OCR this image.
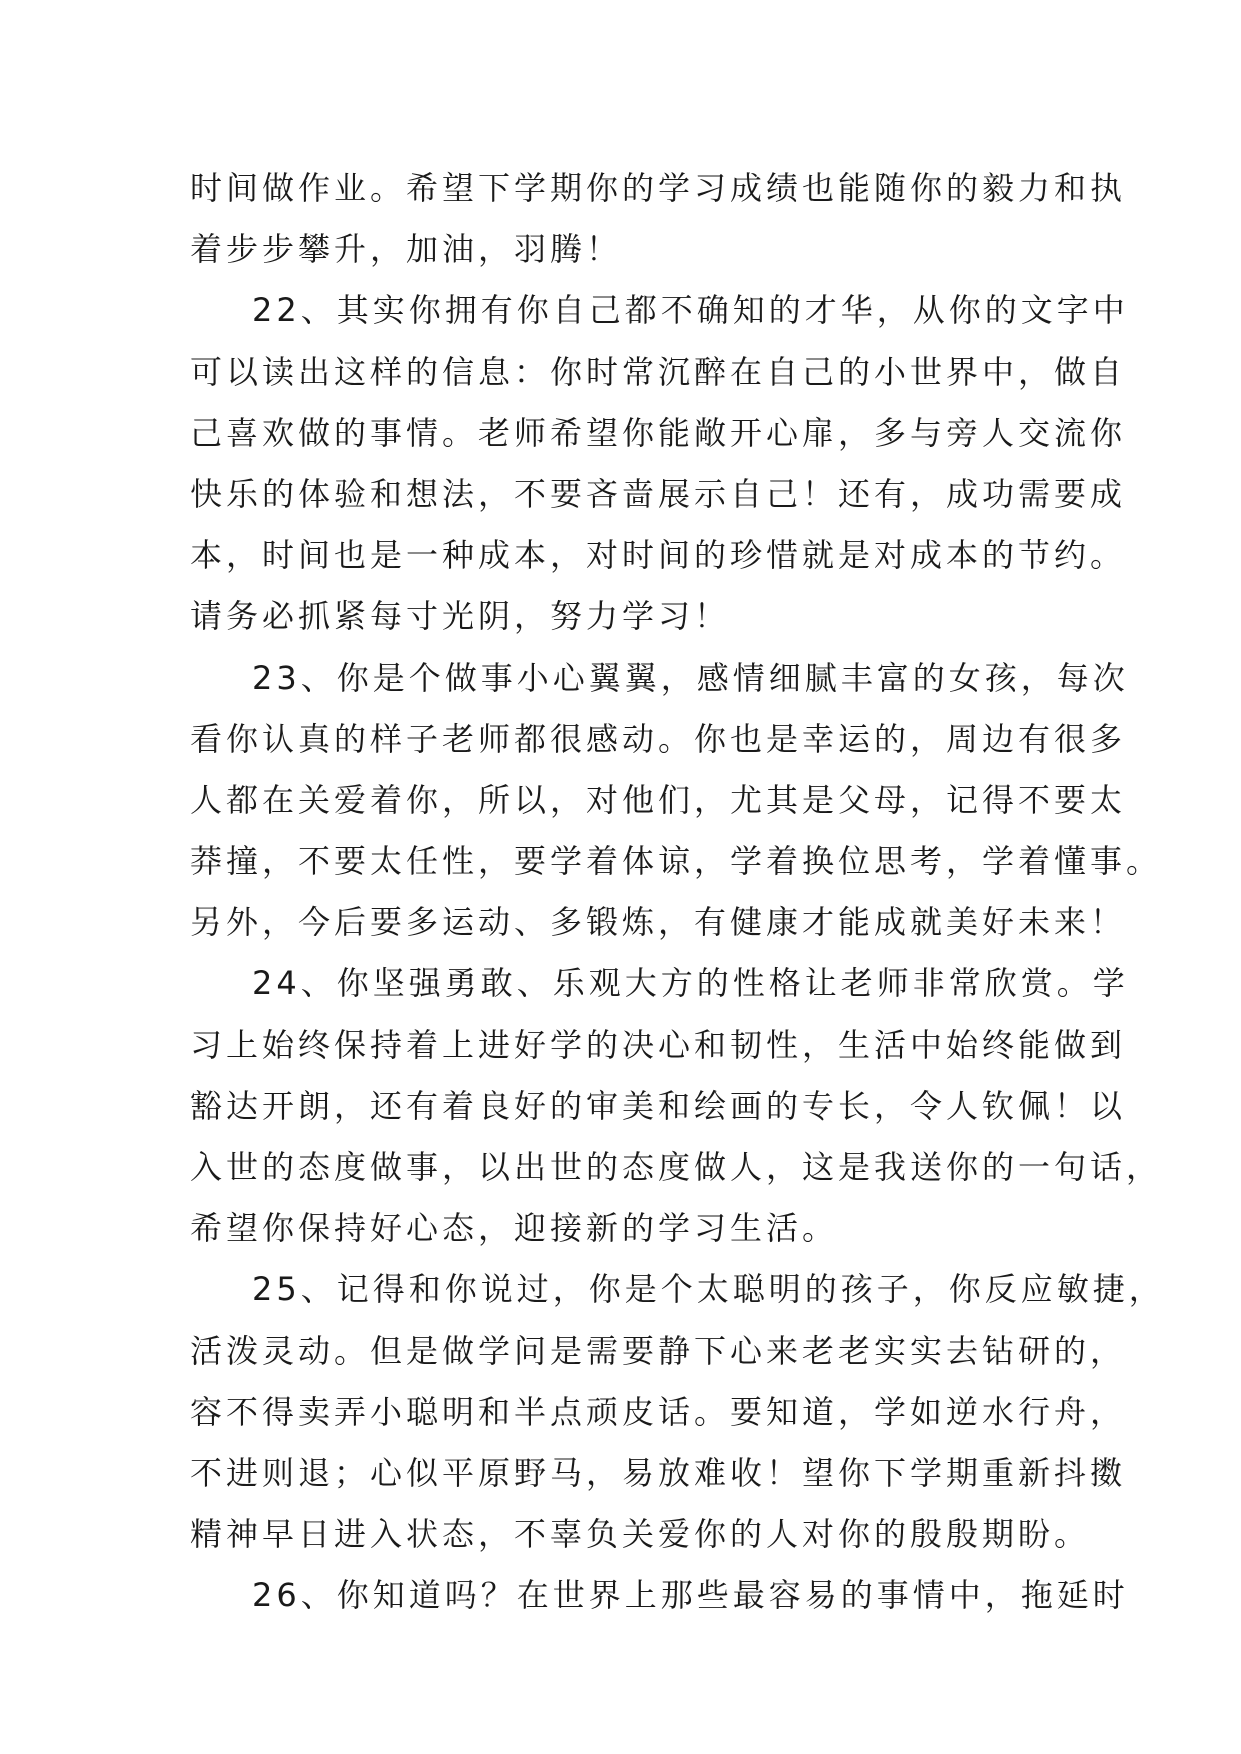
时间做作业。希望下学期你的学习成绩也能随你的毅力和执
着步步攀升，加油，羽腾！
22、其实你拥有你自己都不确知的才华，从你的文字中
可以读出这样的信息：你时常沉醉在自己的小世界中，做自
己喜欢做的事情。老师希望你能敞开心扉，多与旁人交流你
快乐的体验和想法，不要吝啬展示自己！还有，成功需要成
本，时间也是一种成本，对时间的珍惜就是对成本的节约。
请务必抓紧每寸光阴，努力学习！
23、你是个做事小心翼翼，感情细腻丰富的女孩，每次
看你认真的样子老师都很感动。你也是幸运的，周边有很多
人都在关爱着你，所以，对他们，尤其是父母，记得不要太
莽撞，不要太任性，要学着体谅，学着换位思考，学着懂事。
另外，今后要多运动、多锻炼，有健康才能成就美好未来！
24、你坚强勇敢、乐观大方的性格让老师非常欣赏。学
习上始终保持着上进好学的决心和韧性，生活中始终能做到
豁达开朗，还有着良好的审美和绘画的专长，令人钦佩！以
入世的态度做事，以出世的态度做人，这是我送你的一句话，
希望你保持好心态，迎接新的学习生活。
25、记得和你说过，你是个太聪明的孩子，你反应敏捷，
活泼灵动。但是做学问是需要静下心来老老实实去钻研的，
容不得卖弄小聪明和半点顽皮话。要知道，学如逆水行舟，
不进则退；心似平原野马，易放难收！望你下学期重新抖擞
精神早日进入状态，不辜负关爱你的人对你的殷殷期盼。
26、你知道吗？在世界上那些最容易的事情中，拖延时
